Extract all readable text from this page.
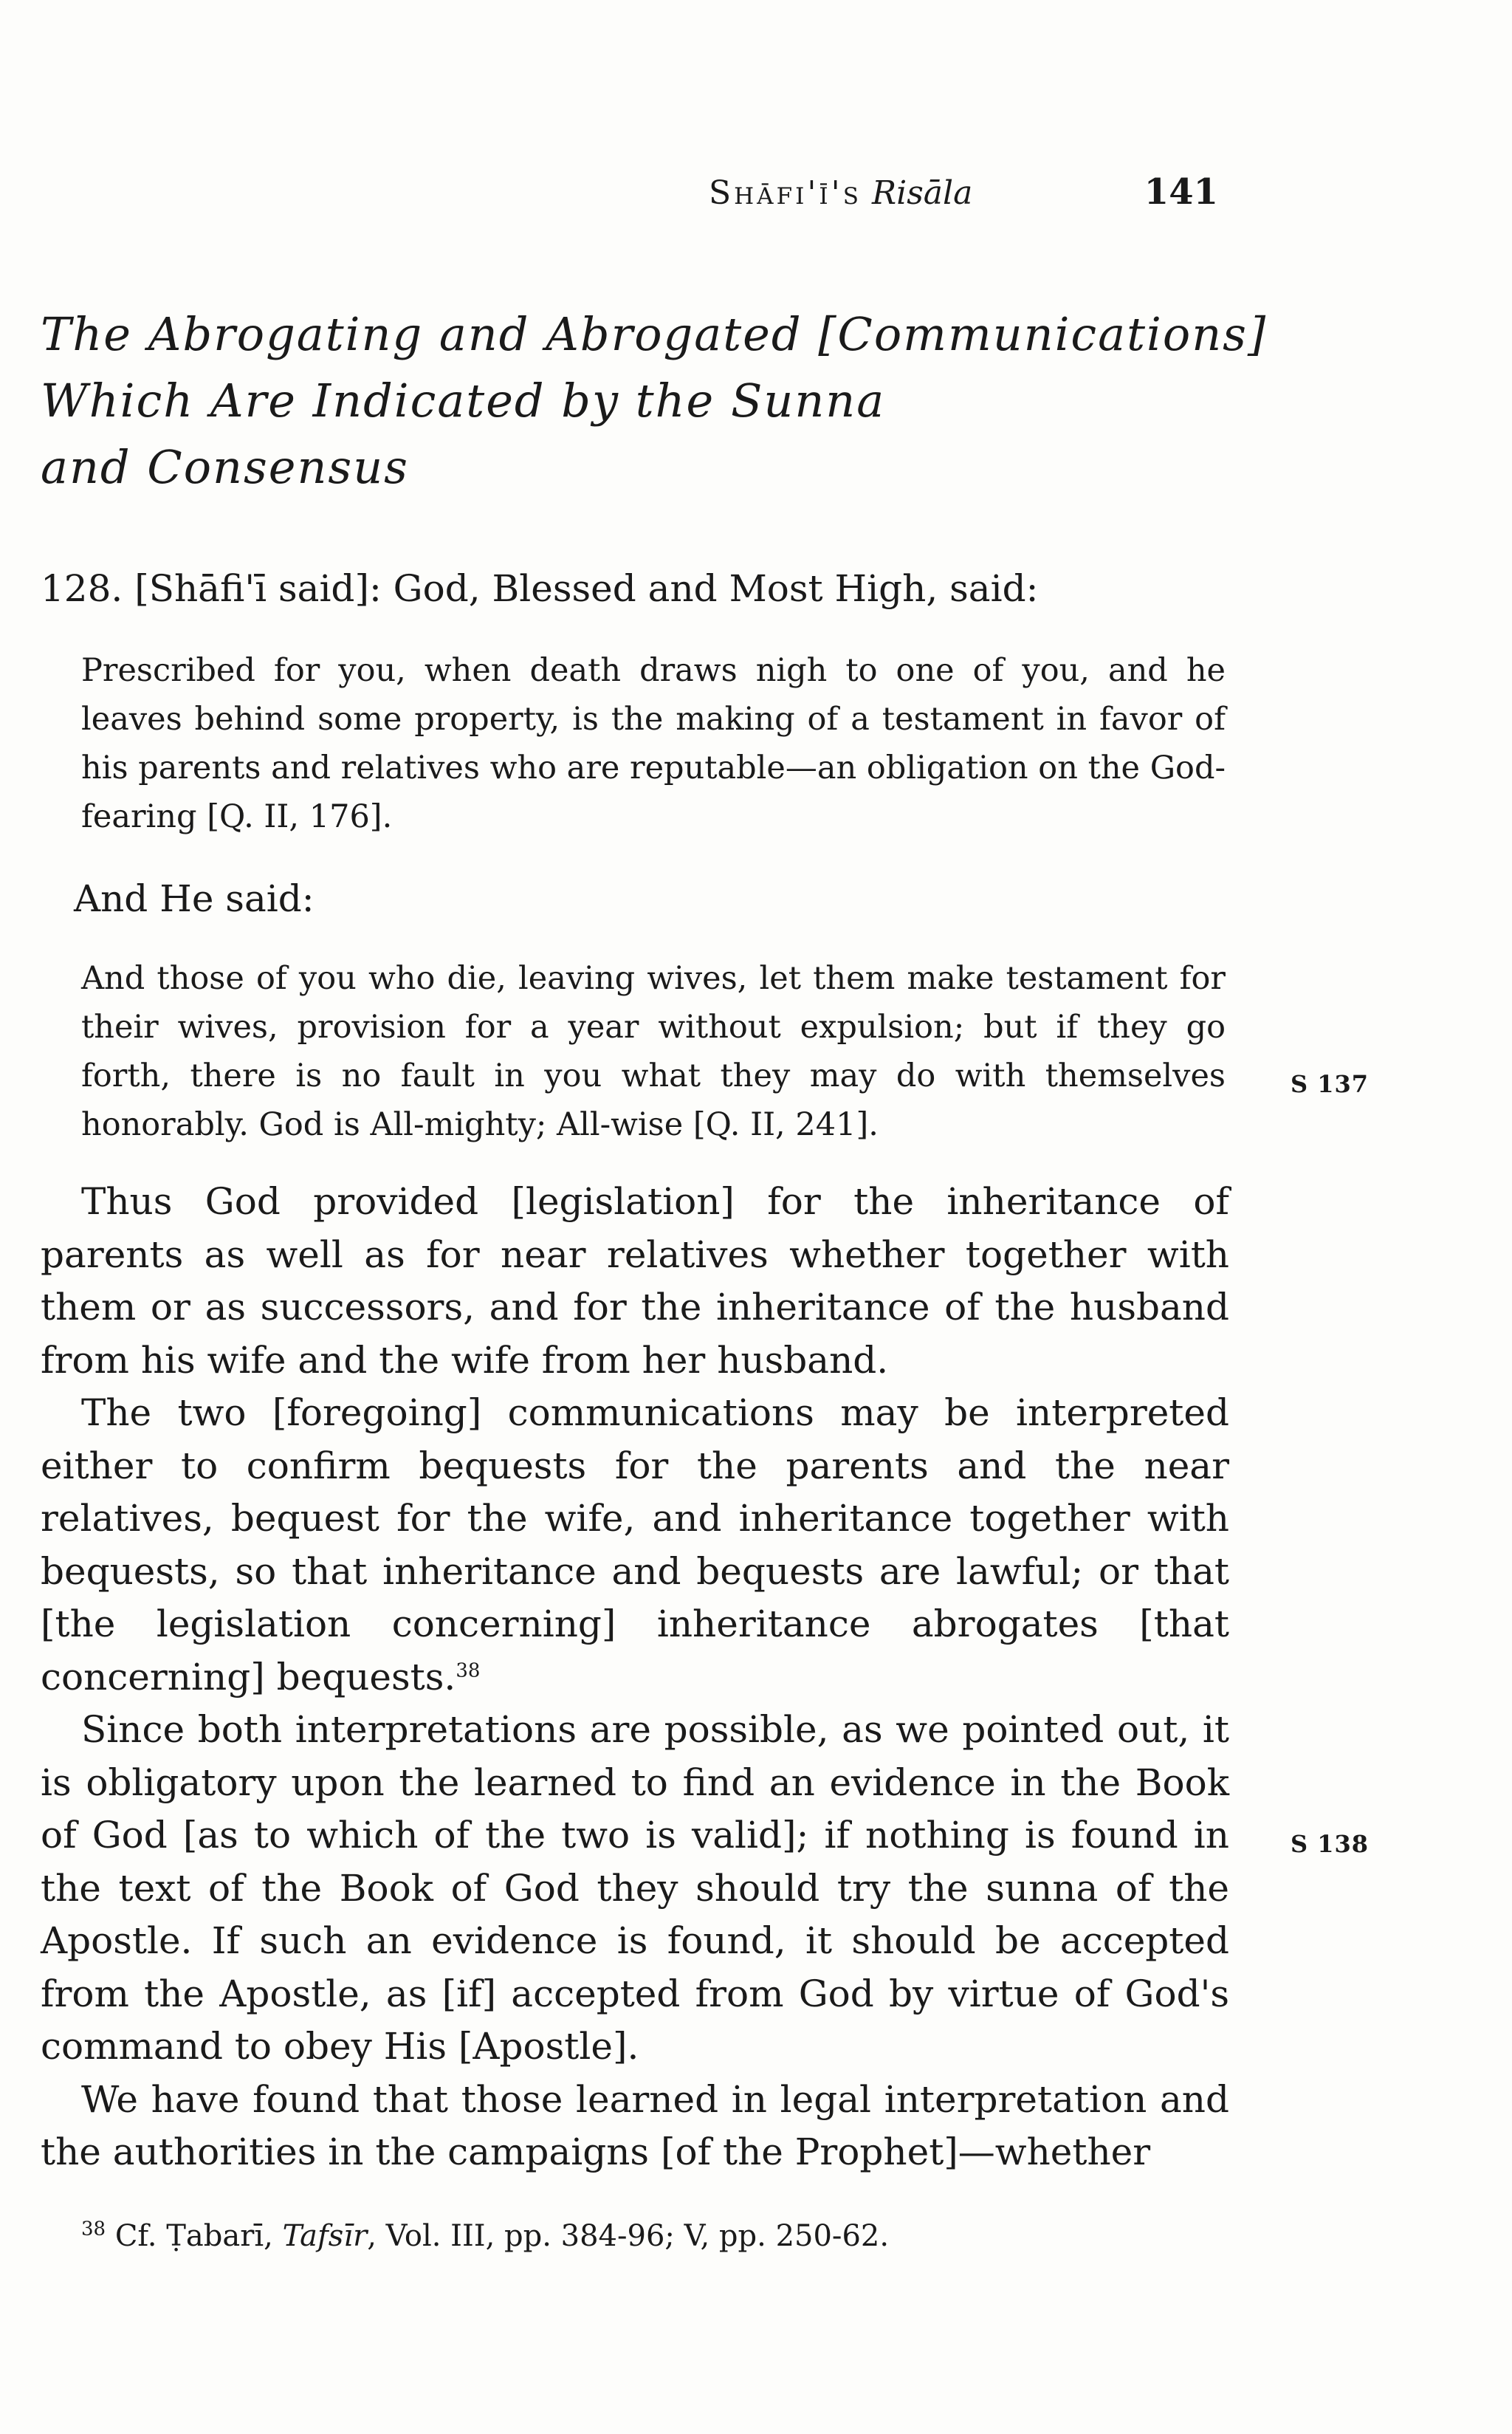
Shāfi'ī's Risāla	141
The Abrogating and Abrogated [Communications]
Which Are Indicated by the Sunna
and Consensus
128. [Shāfi'ī said]: God, Blessed and Most High, said:
Prescribed for you, when death draws nigh to one of you, and he leaves behind some property, is the making of a testament in favor of his parents and relatives who are reputable—an obligation on the God-fearing [Q. II, 176].
And He said:
And those of you who die, leaving wives, let them make testament for their wives, provision for a year without expulsion; but if they go forth, there is no fault in you what they may do with themselves honorably. God is All-mighty; All-wise [Q. II, 241].
S 137

Thus God provided [legislation] for the inheritance of parents as well as for near relatives whether together with them or as successors, and for the inheritance of the husband from his wife and the wife from her husband.

The two [foregoing] communications may be interpreted either to confirm bequests for the parents and the near relatives, bequest for the wife, and inheritance together with bequests, so that inheritance and bequests are lawful; or that [the legislation concerning] inheritance abrogates [that concerning] bequests.$^{38}$

Since both interpretations are possible, as we pointed out, it is obligatory upon the learned to find an evidence in the Book of God [as to which of the two is valid]; if nothing is found in the text of the Book of God they should try the sunna of the Apostle. If such an evidence is found, it should be accepted from the Apostle, as [if] accepted from God by virtue of God's command to obey His [Apostle].

We have found that those learned in legal interpretation and the authorities in the campaigns [of the Prophet]—whether

S 138
$^{38}$ Cf. Ṭabarī, Tafsīr, Vol. III, pp. 384-96; V, pp. 250-62.
